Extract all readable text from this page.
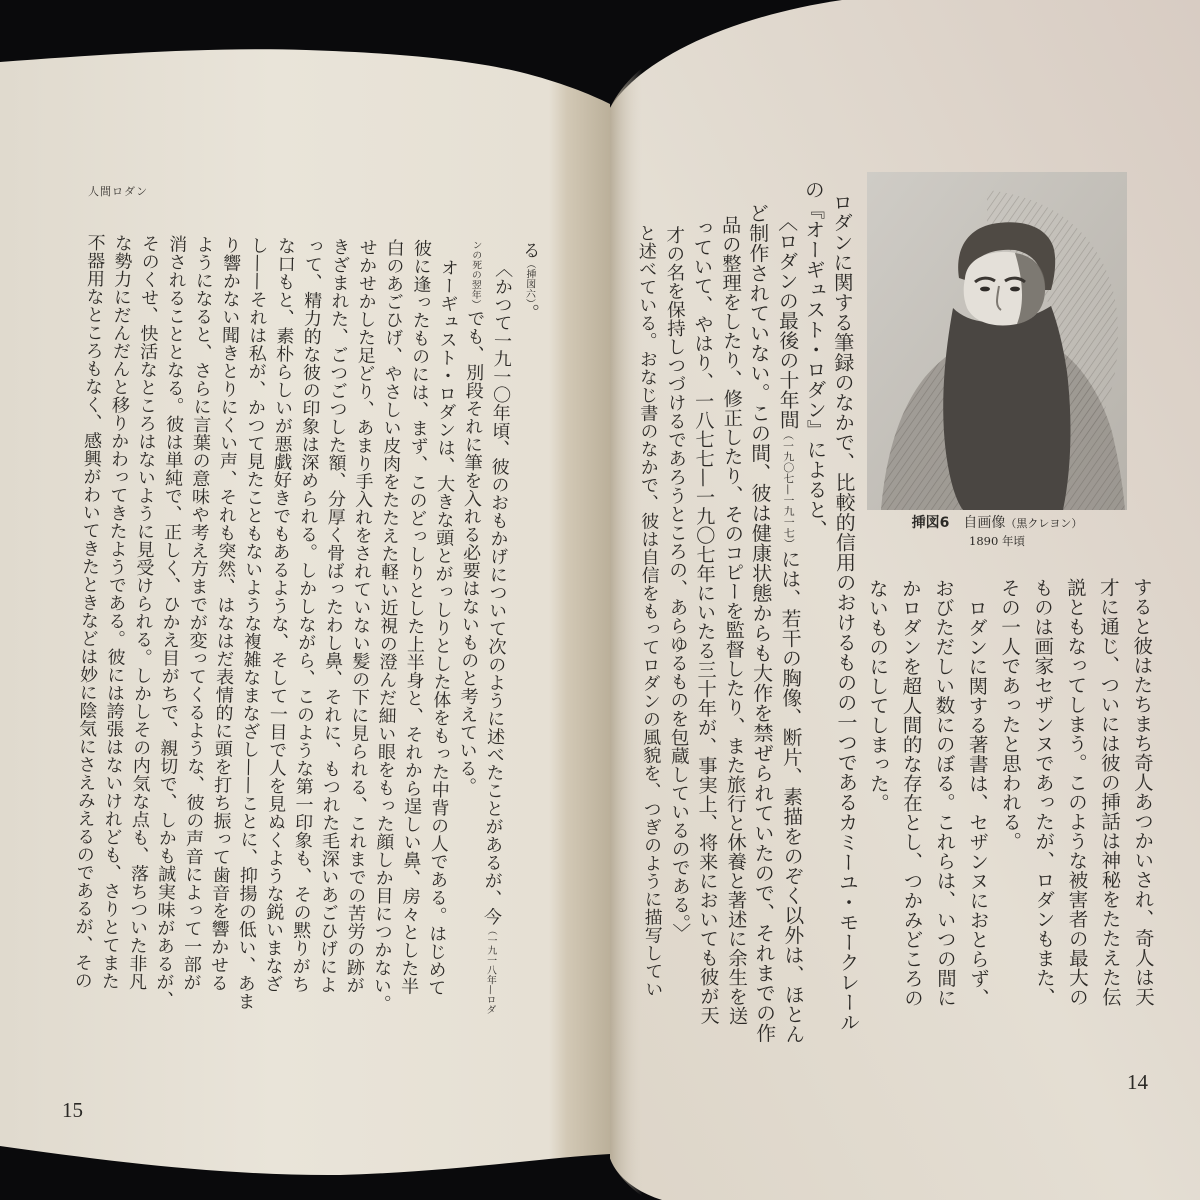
人間ロダン
る（挿図六）。
〈かつて一九一〇年頃、彼のおもかげについて次のように述べたことがあるが、今（一九一八年—ロダ
ンの死の翌年）でも、別段それに筆を入れる必要はないものと考えている。
オーギュスト・ロダンは、大きな頭とがっしりとした体をもった中背の人である。はじめて
彼に逢ったものには、まず、このどっしりとした上半身と、それから逞しい鼻、房々とした半
白のあごひげ、やさしい皮肉をたたえた軽い近視の澄んだ細い眼をもった顔しか目につかない。
せかせかした足どり、あまり手入れをされていない髪の下に見られる、これまでの苦労の跡が
きざまれた、ごつごつした額、分厚く骨ばったわし鼻、それに、もつれた毛深いあごひげによ
って、精力的な彼の印象は深められる。しかしながら、このような第一印象も、その黙りがち
な口もと、素朴らしいが悪戯好きでもあるような、そして一目で人を見ぬくような鋭いまなざ
し——それは私が、かつて見たこともないような複雑なまなざし——ことに、抑揚の低い、あま
り響かない聞きとりにくい声、それも突然、はなはだ表情的に頭を打ち振って歯音を響かせる
ようになると、さらに言葉の意味や考え方までが変ってくるような、彼の声音によって一部が
消されることとなる。彼は単純で、正しく、ひかえ目がちで、親切で、しかも誠実味があるが、
そのくせ、快活なところはないように見受けられる。しかしその内気な点も、落ちついた非凡
な勢力にだんだんと移りかわってきたようである。彼には誇張はないけれども、さりとてまた
不器用なところもなく、感興がわいてきたときなどは妙に陰気にさえみえるのであるが、その
15
ロダンに関する筆録のなかで、比較的信用のおけるものの一つであるカミーユ・モークレール
の『オーギュスト・ロダン』によると、
〈ロダンの最後の十年間（一九〇七—一九一七）には、若干の胸像、断片、素描をのぞく以外は、ほとん
ど制作されていない。この間、彼は健康状態からも大作を禁ぜられていたので、それまでの作
品の整理をしたり、修正したり、そのコピーを監督したり、また旅行と休養と著述に余生を送
っていて、やはり、一八七七—一九〇七年にいたる三十年が、事実上、将来においても彼が天
才の名を保持しつづけるであろうところの、あらゆるものを包蔵しているのである。〉
と述べている。おなじ書のなかで、彼は自信をもってロダンの風貌を、つぎのように描写してい	挿図6 自画像（黒クレヨン）
1890 年頃
すると彼はたちまち奇人あつかいされ、奇人は天
才に通じ、ついには彼の挿話は神秘をたたえた伝
説ともなってしまう。このような被害者の最大の
ものは画家セザンヌであったが、ロダンもまた、
その一人であったと思われる。
ロダンに関する著書は、セザンヌにおとらず、
おびただしい数にのぼる。これらは、いつの間に
かロダンを超人間的な存在とし、つかみどころの
ないものにしてしまった。
14
